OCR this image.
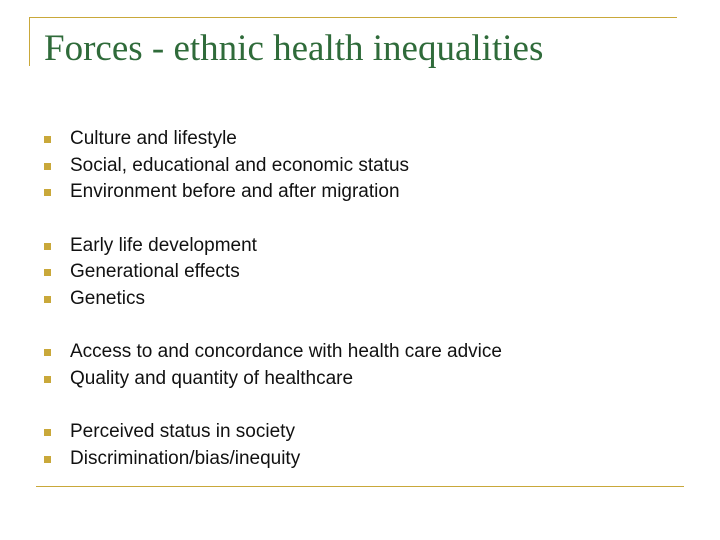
Forces - ethnic health inequalities
Culture and lifestyle
Social, educational and economic status
Environment before and after migration
Early life development
Generational effects
Genetics
Access to and concordance with health care advice
Quality and quantity of healthcare
Perceived status in society
Discrimination/bias/inequity
